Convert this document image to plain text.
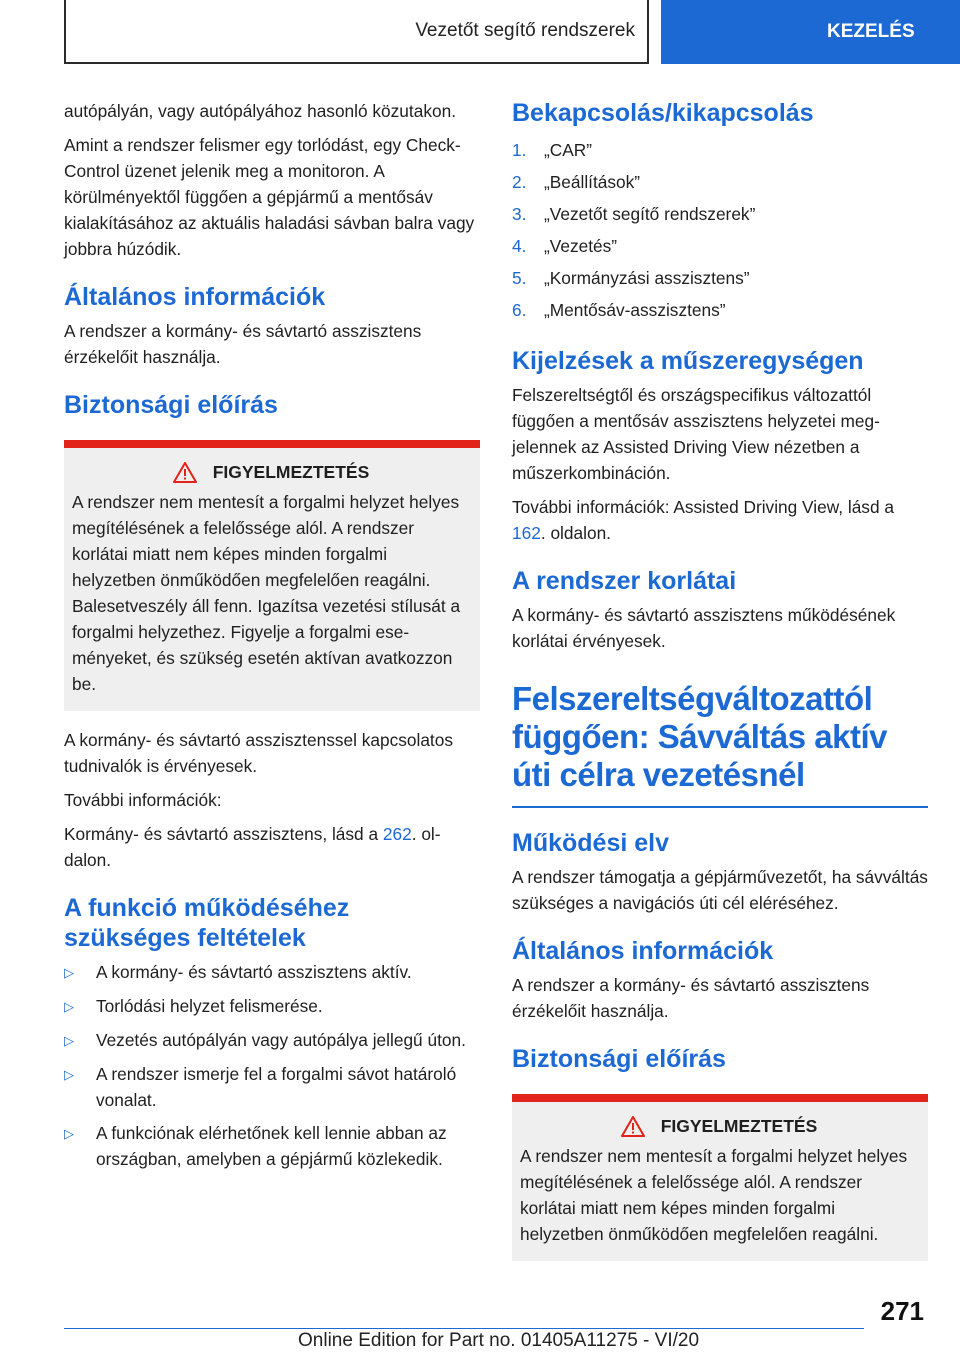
Vezetőt segítő rendszerek	KEZELÉS

autópályán, vagy autópályához hasonló közutakon.

Amint a rendszer felismer egy torlódást, egy Check-Control üzenet jelenik meg a monitoron. A körülményektől függően a gépjármű a mentősáv kialakításához az aktuális haladási sávban balra vagy jobbra húzódik.

Általános információk

A rendszer a kormány- és sávtartó asszisztens érzékelőit használja.

Biztonsági előírás
FIGYELMEZTETÉS

A rendszer nem mentesít a forgalmi helyzet helyes megítélésének a felelőssége alól. A rendszer korlátai miatt nem képes minden forgalmi helyzetben önműködően megfelelően reagálni. Balesetveszély áll fenn. Igazítsa vezetési stílusát a forgalmi helyzethez. Figyelje a forgalmi eseményeket, és szükség esetén aktívan avatkozzon be.

A kormány- és sávtartó asszisztenssel kapcsolatos tudnivalók is érvényesek.

További információk:

Kormány- és sávtartó asszisztens, lásd a 262. oldalon.

A funkció működéséhez szükséges feltételek
▷	A kormány- és sávtartó asszisztens aktív.
▷	Torlódási helyzet felismerése.
▷	Vezetés autópályán vagy autópálya jellegű úton.
▷	A rendszer ismerje fel a forgalmi sávot határoló vonalat.
▷	A funkciónak elérhetőnek kell lennie abban az országban, amelyben a gépjármű közlekedik.
Bekapcsolás/kikapcsolás
1.	„CAR”
2.	„Beállítások”
3.	„Vezetőt segítő rendszerek”
4.	„Vezetés”
5.	„Kormányzási asszisztens”
6.	„Mentősáv-asszisztens”
Kijelzések a műszeregységen

Felszereltségtől és országspecifikus változattól függően a mentősáv asszisztens helyzetei megjelennek az Assisted Driving View nézetben a műszerkombináción.

További információk: Assisted Driving View, lásd a 162. oldalon.

A rendszer korlátai

A kormány- és sávtartó asszisztens működésének korlátai érvényesek.

Felszereltségváltozattól függően: Sávváltás aktív úti célra vezetésnél
Működési elv

A rendszer támogatja a gépjárművezetőt, ha sávváltás szükséges a navigációs úti cél eléréséhez.

Általános információk

A rendszer a kormány- és sávtartó asszisztens érzékelőit használja.

Biztonsági előírás
FIGYELMEZTETÉS

A rendszer nem mentesít a forgalmi helyzet helyes megítélésének a felelőssége alól. A rendszer korlátai miatt nem képes minden forgalmi helyzetben önműködően megfelelően reagálni.

271
Online Edition for Part no. 01405A11275 - VI/20
